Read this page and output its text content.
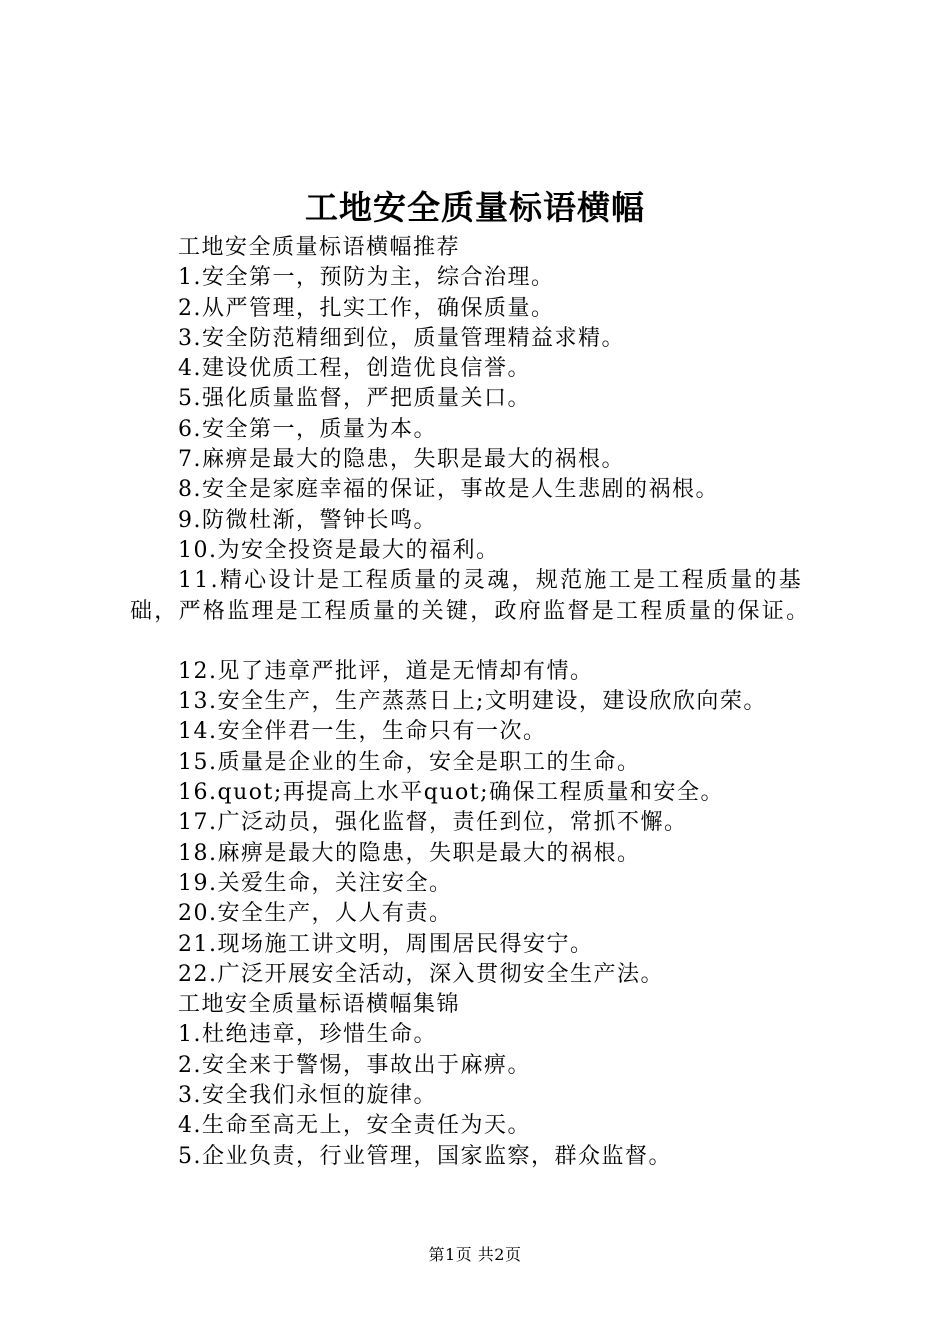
工地安全质量标语横幅

工地安全质量标语横幅推荐

1.安全第一，预防为主，综合治理。

2.从严管理，扎实工作，确保质量。

3.安全防范精细到位，质量管理精益求精。

4.建设优质工程，创造优良信誉。

5.强化质量监督，严把质量关口。

6.安全第一，质量为本。

7.麻痹是最大的隐患，失职是最大的祸根。

8.安全是家庭幸福的保证，事故是人生悲剧的祸根。

9.防微杜渐，警钟长鸣。

10.为安全投资是最大的福利。

11.精心设计是工程质量的灵魂，规范施工是工程质量的基础，严格监理是工程质量的关键，政府监督是工程质量的保证。

12.见了违章严批评，道是无情却有情。

13.安全生产，生产蒸蒸日上;文明建设，建设欣欣向荣。

14.安全伴君一生，生命只有一次。

15.质量是企业的生命，安全是职工的生命。

16.quot;再提高上水平quot;确保工程质量和安全。

17.广泛动员，强化监督，责任到位，常抓不懈。

18.麻痹是最大的隐患，失职是最大的祸根。

19.关爱生命，关注安全。

20.安全生产，人人有责。

21.现场施工讲文明，周围居民得安宁。

22.广泛开展安全活动，深入贯彻安全生产法。

工地安全质量标语横幅集锦

1.杜绝违章，珍惜生命。

2.安全来于警惕，事故出于麻痹。

3.安全我们永恒的旋律。

4.生命至高无上，安全责任为天。

5.企业负责，行业管理，国家监察，群众监督。

第1页 共2页
